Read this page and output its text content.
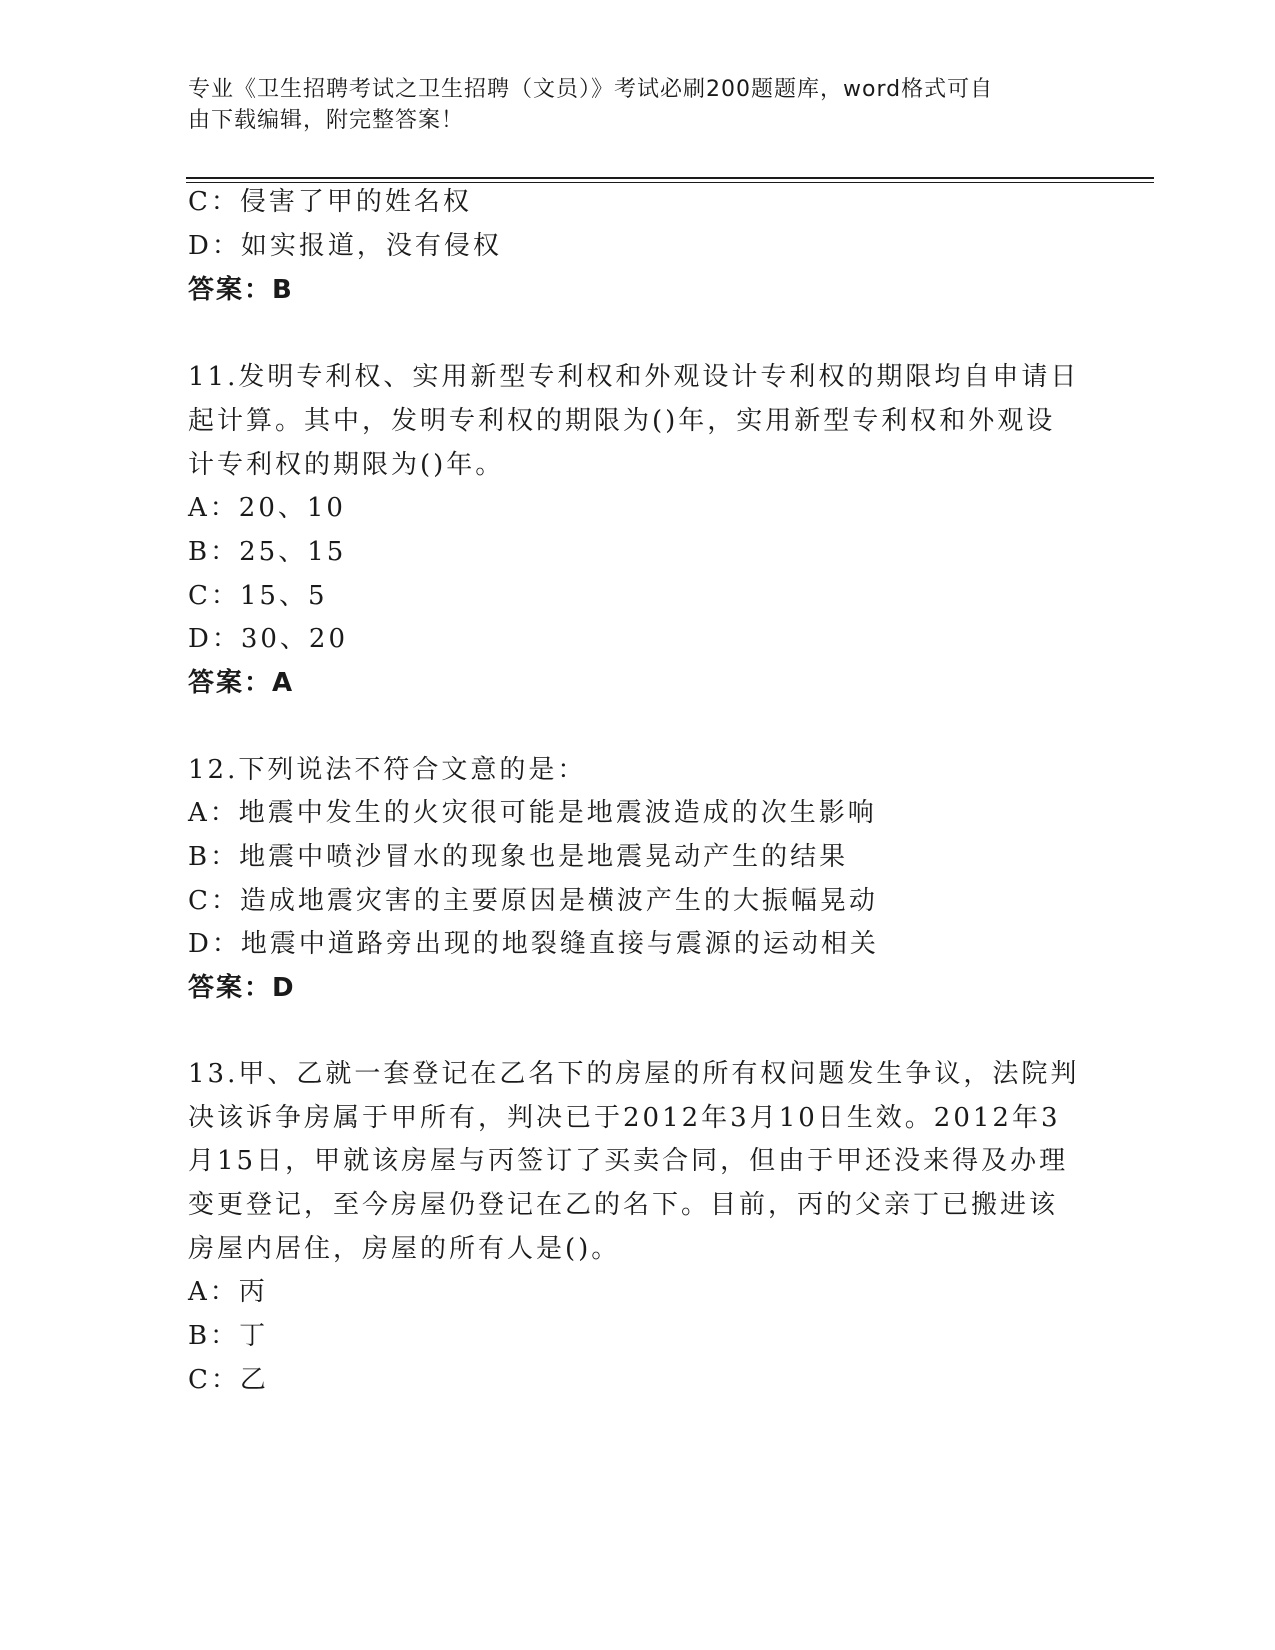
专业《卫生招聘考试之卫生招聘（文员）》考试必刷200题题库，word格式可自
由下载编辑，附完整答案！
C：侵害了甲的姓名权
D：如实报道，没有侵权
答案：B
11.发明专利权、实用新型专利权和外观设计专利权的期限均自申请日
起计算。其中，发明专利权的期限为()年，实用新型专利权和外观设
计专利权的期限为()年。
A：20、10
B：25、15
C：15、5
D：30、20
答案：A
12.下列说法不符合文意的是：
A：地震中发生的火灾很可能是地震波造成的次生影响
B：地震中喷沙冒水的现象也是地震晃动产生的结果
C：造成地震灾害的主要原因是横波产生的大振幅晃动
D：地震中道路旁出现的地裂缝直接与震源的运动相关
答案：D
13.甲、乙就一套登记在乙名下的房屋的所有权问题发生争议，法院判
决该诉争房属于甲所有，判决已于2012年3月10日生效。2012年3
月15日，甲就该房屋与丙签订了买卖合同，但由于甲还没来得及办理
变更登记，至今房屋仍登记在乙的名下。目前，丙的父亲丁已搬进该
房屋内居住，房屋的所有人是()。
A：丙
B：丁
C：乙
